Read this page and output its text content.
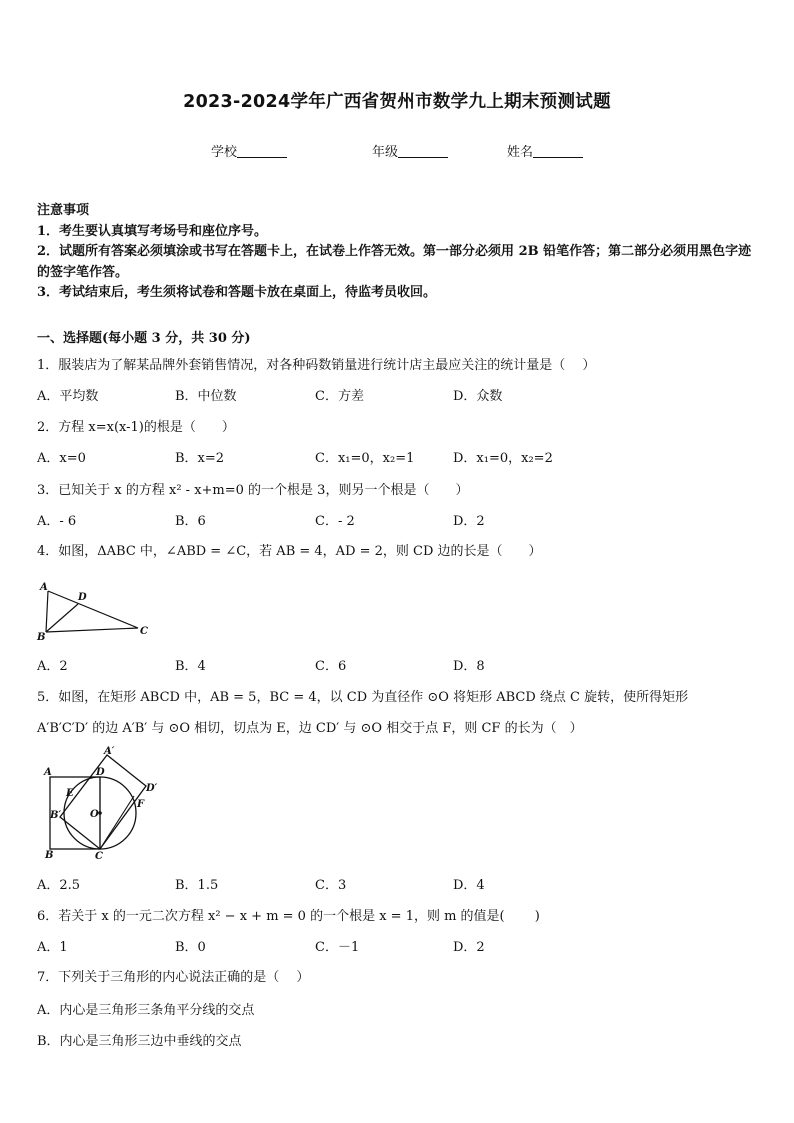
2023-2024学年广西省贺州市数学九上期末预测试题
学校	年级	姓名
注意事项
1．考生要认真填写考场号和座位序号。
2．试题所有答案必须填涂或书写在答题卡上，在试卷上作答无效。第一部分必须用 2B 铅笔作答；第二部分必须用黑色字迹的签字笔作答。
3．考试结束后，考生须将试卷和答题卡放在桌面上，待监考员收回。
一、选择题(每小题 3 分，共 30 分)
1．服装店为了解某品牌外套销售情况，对各种码数销量进行统计店主最应关注的统计量是（　 ）
A．平均数	B．中位数	C．方差	D．众数
2．方程 x=x(x-1)的根是（　　）
A．x=0	B．x=2	C．x₁=0，x₂=1	D．x₁=0，x₂=2
3．已知关于 x 的方程 x² - x+m=0 的一个根是 3，则另一个根是（　　）
A．- 6	B．6	C．- 2	D．2
4．如图，ΔABC 中，∠ABD = ∠C，若 AB = 4，AD = 2，则 CD 边的长是（　　）
A
D
B
C
A．2	B．4	C．6	D．8
5．如图，在矩形 ABCD 中，AB = 5，BC = 4，以 CD 为直径作 ⊙O 将矩形 ABCD 绕点 C 旋转，使所得矩形
A′B′C′D′ 的边 A′B′ 与 ⊙O 相切，切点为 E，边 CD′ 与 ⊙O 相交于点 F，则 CF 的长为（　）
A′
A	D
D′
E
F
B′	O
B	C
A．2.5	B．1.5	C．3	D．4
6．若关于 x 的一元二次方程 x² − x + m = 0 的一个根是 x = 1，则 m 的值是(　　 )
A．1	B．0	C．－1	D．2
7．下列关于三角形的内心说法正确的是（　 ）
A．内心是三角形三条角平分线的交点
B．内心是三角形三边中垂线的交点
